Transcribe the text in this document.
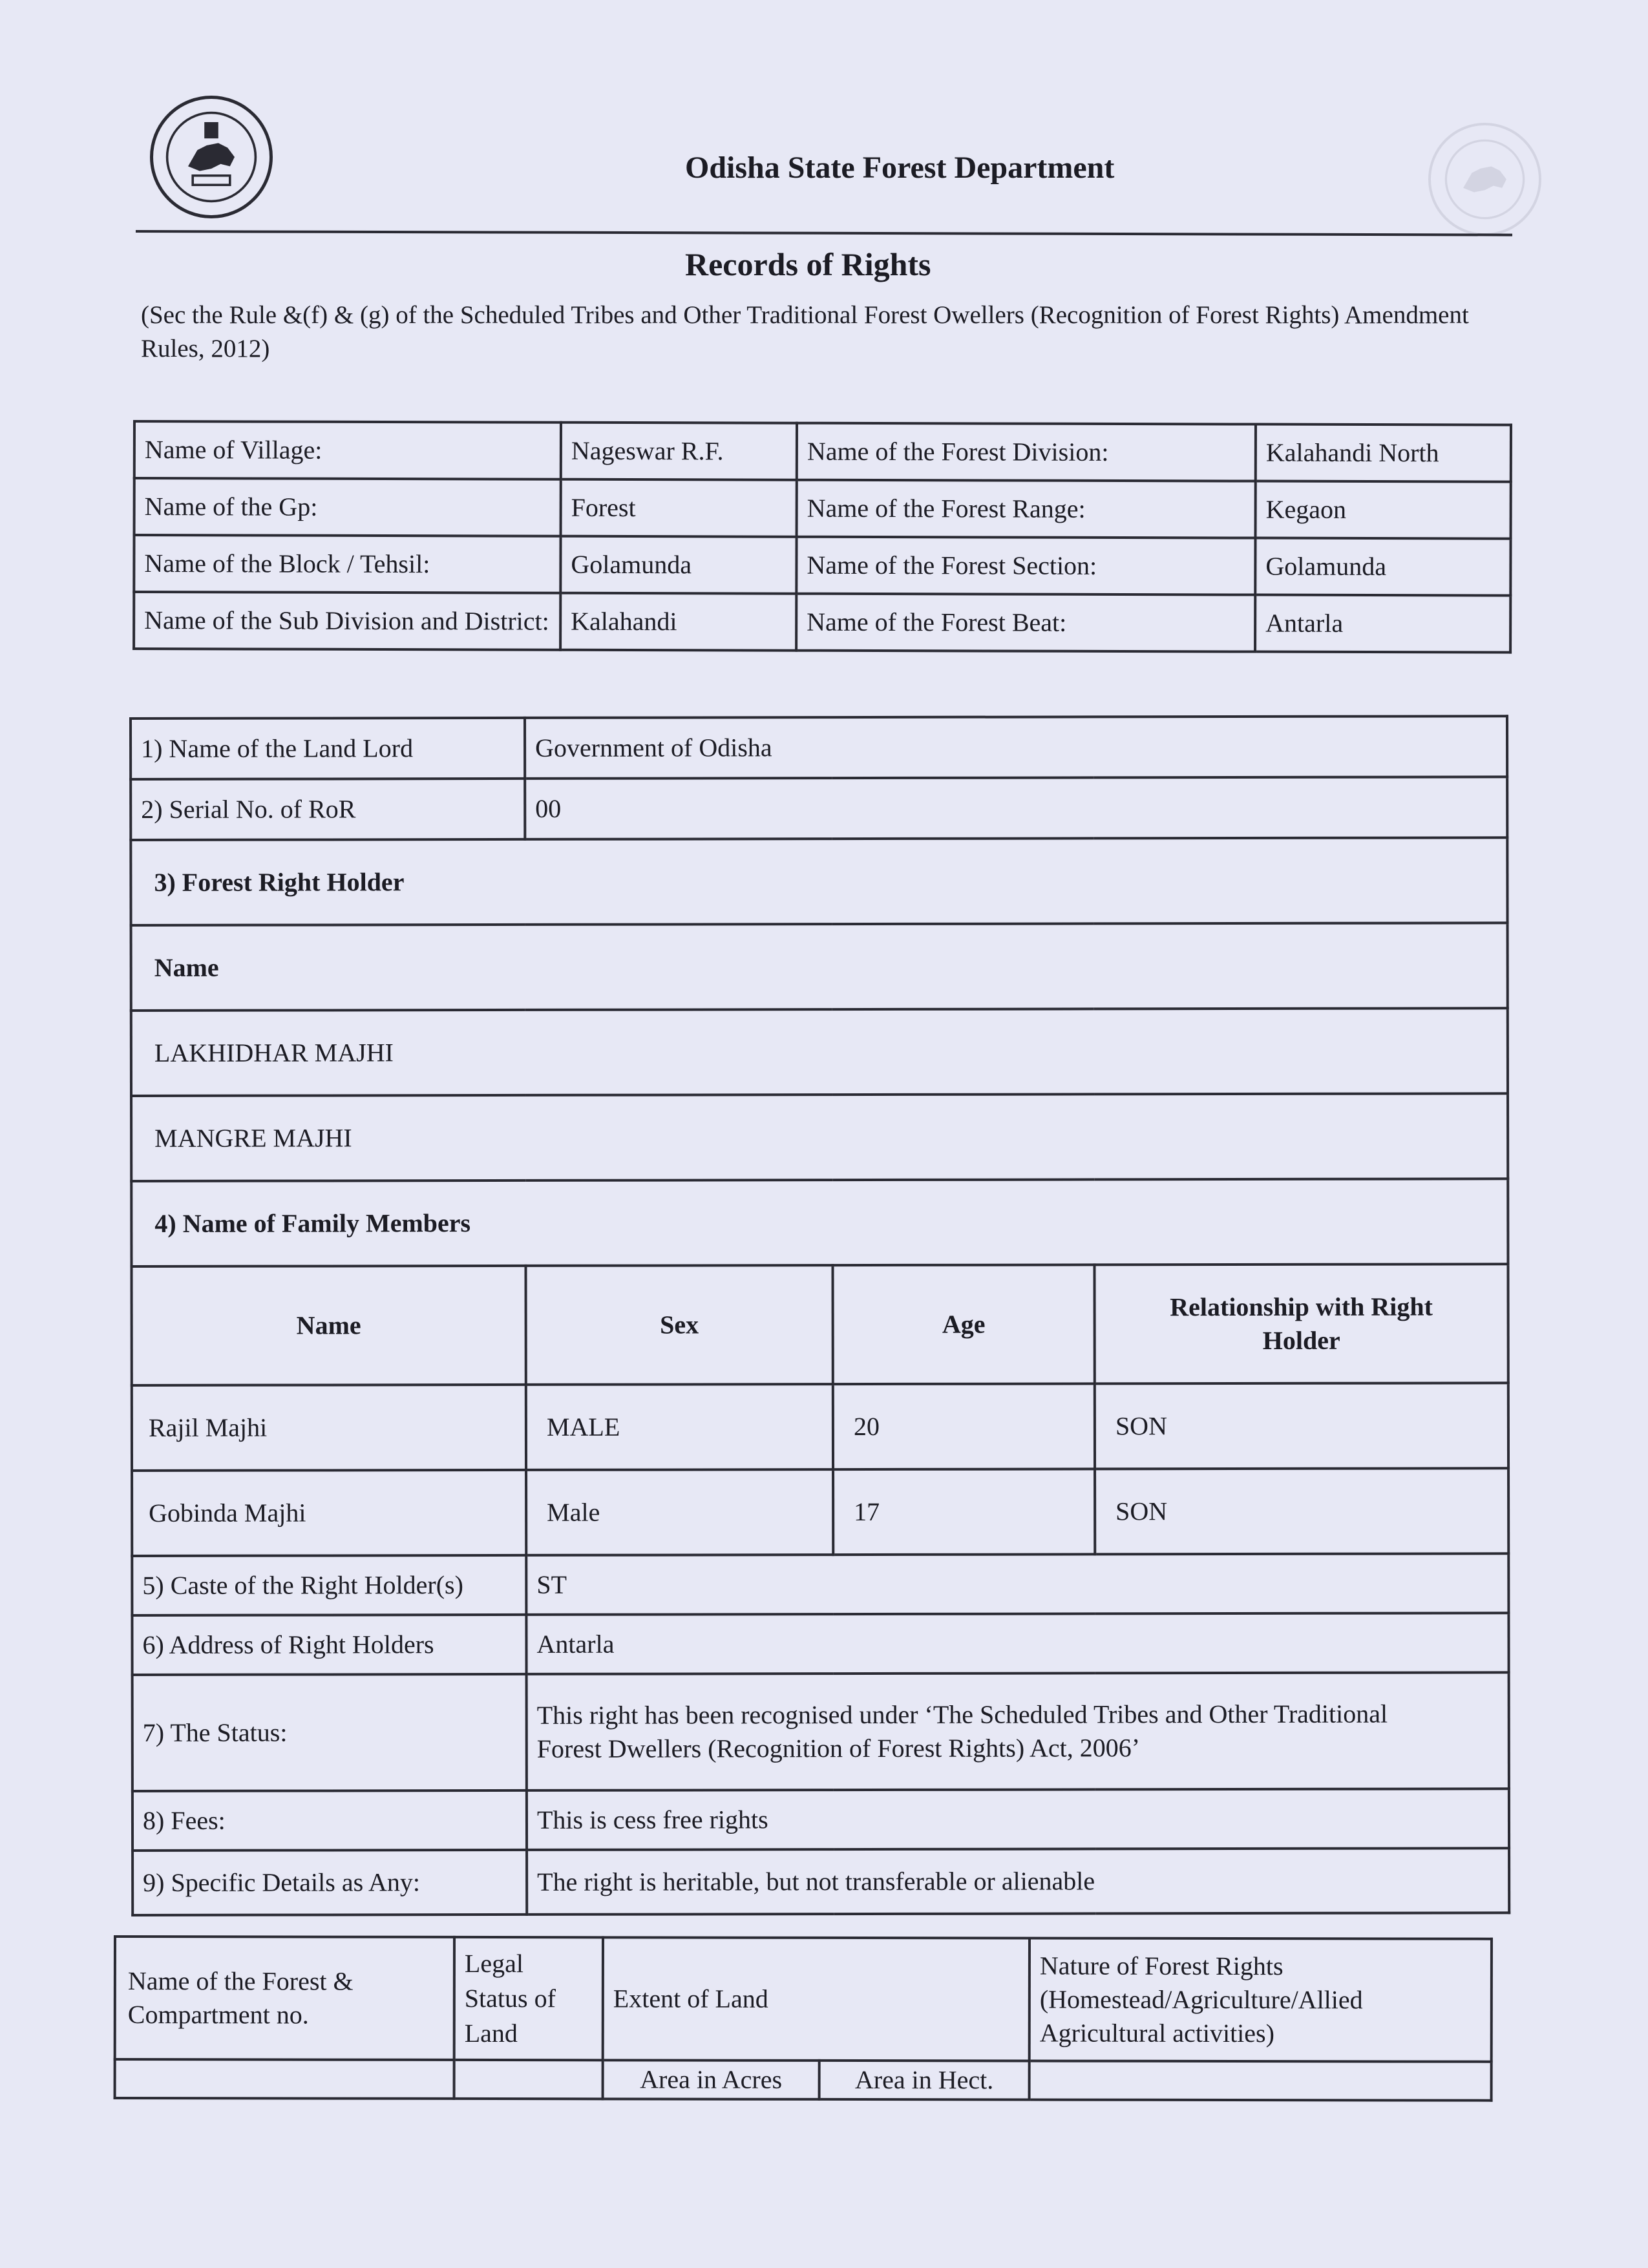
Odisha State Forest Department
Records of Rights
(Sec the Rule &(f) & (g) of the Scheduled Tribes and Other Traditional Forest Owellers (Recognition of Forest Rights) Amendment Rules, 2012)
Name of Village:	Nageswar R.F.	Name of the Forest Division:	Kalahandi North
Name of the Gp:	Forest	Name of the Forest Range:	Kegaon
Name of the Block / Tehsil:	Golamunda	Name of the Forest Section:	Golamunda
Name of the Sub Division and District:	Kalahandi	Name of the Forest Beat:	Antarla
1) Name of the Land Lord	Government of Odisha		
2) Serial No. of RoR	00		
3) Forest Right Holder			
Name			
LAKHIDHAR MAJHI			
MANGRE MAJHI			
4) Name of Family Members			
Name	Sex	Age	Relationship with Right Holder
Rajil Majhi	MALE	20	SON
Gobinda Majhi	Male	17	SON
5) Caste of the Right Holder(s)	ST		
6) Address of Right Holders	Antarla		
7) The Status:	This right has been recognised under ‘The Scheduled Tribes and Other Traditional
Forest Dwellers (Recognition of Forest Rights) Act, 2006’		

8) Fees:	This is cess free rights		
9) Specific Details as Any:	The right is heritable, but not transferable or alienable		
Name of the Forest & Compartment no.	Legal Status of Land	Extent of Land		Nature of Forest Rights (Homestead/Agriculture/Allied Agricultural activities)
		Area in Acres	Area in Hect.	
